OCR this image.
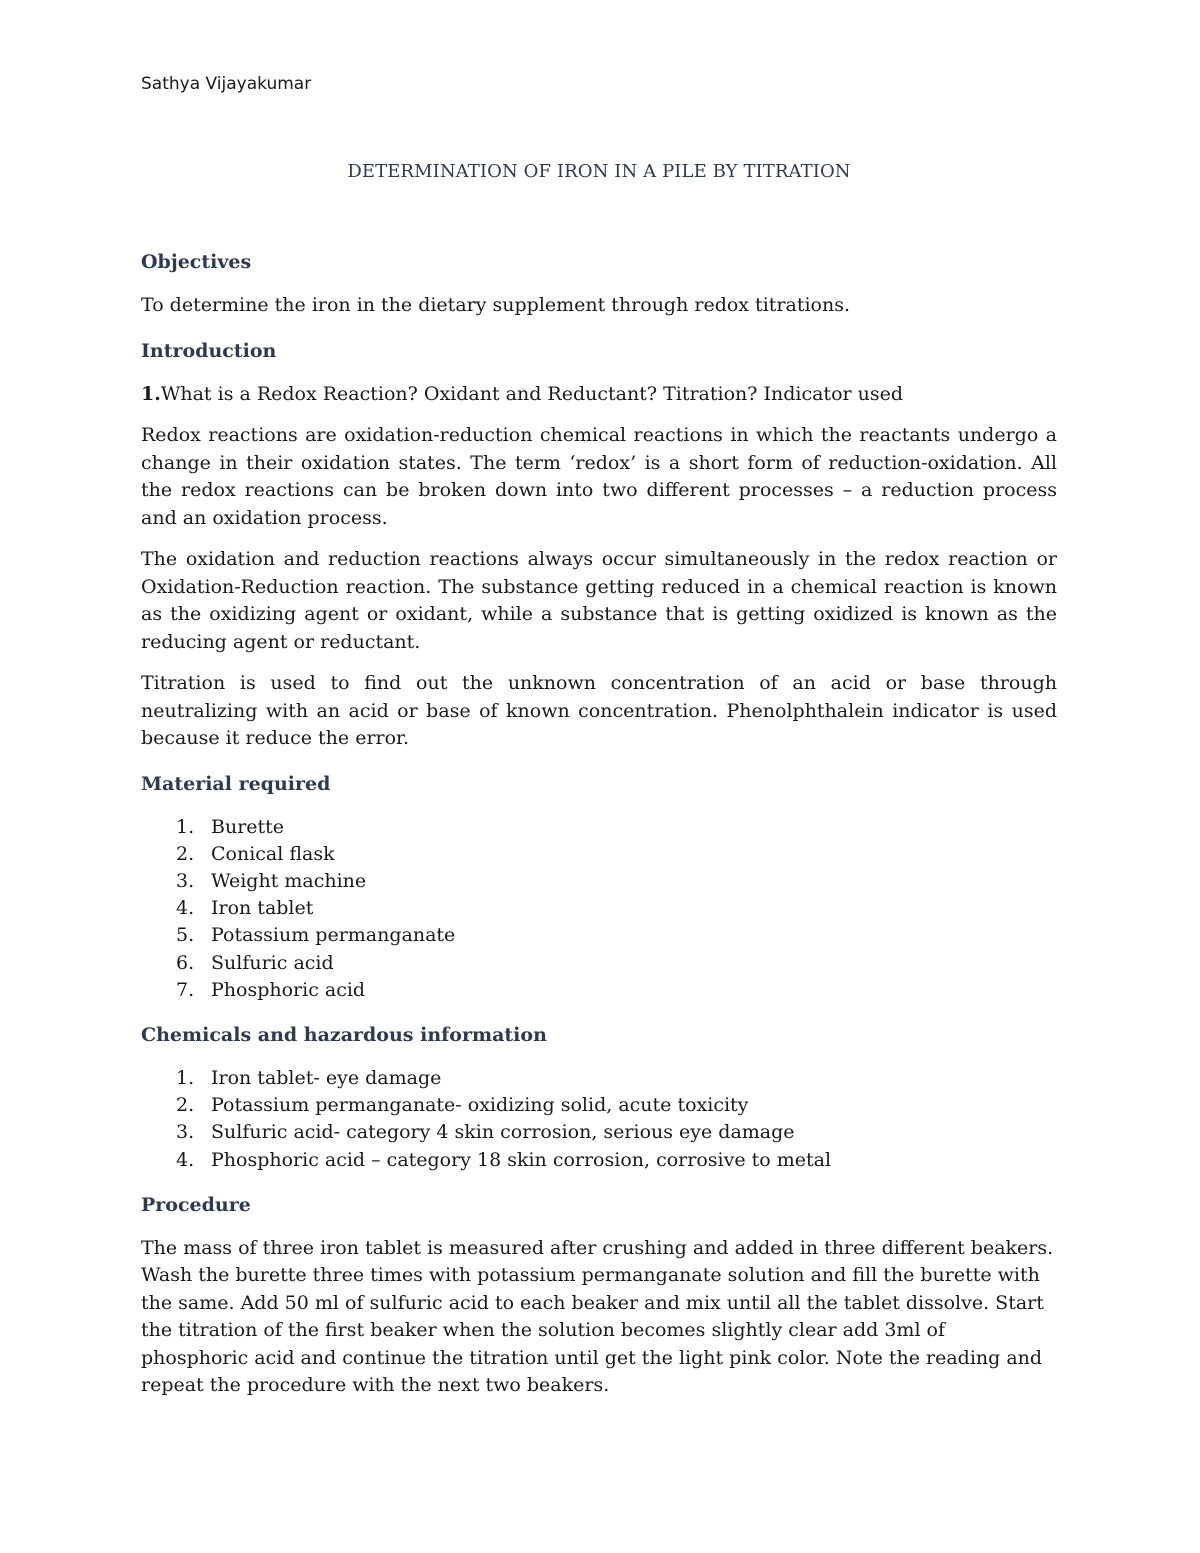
Sathya Vijayakumar
DETERMINATION OF IRON IN A PILE BY TITRATION
Objectives

To determine the iron in the dietary supplement through redox titrations.

Introduction

1.What is a Redox Reaction? Oxidant and Reductant? Titration? Indicator used

Redox reactions are oxidation-reduction chemical reactions in which the reactants undergo a change in their oxidation states. The term ‘redox’ is a short form of reduction-oxidation. All the redox reactions can be broken down into two different processes – a reduction process and an oxidation process.

The oxidation and reduction reactions always occur simultaneously in the redox reaction or Oxidation-Reduction reaction. The substance getting reduced in a chemical reaction is known as the oxidizing agent or oxidant, while a substance that is getting oxidized is known as the reducing agent or reductant.

Titration is used to find out the unknown concentration of an acid or base through neutralizing with an acid or base of known concentration. Phenolphthalein indicator is used because it reduce the error.

Material required
1. Burette
2. Conical flask
3. Weight machine
4. Iron tablet
5. Potassium permanganate
6. Sulfuric acid
7. Phosphoric acid
Chemicals and hazardous information
1. Iron tablet- eye damage
2. Potassium permanganate- oxidizing solid, acute toxicity
3. Sulfuric acid- category 4 skin corrosion, serious eye damage
4. Phosphoric acid – category 18 skin corrosion, corrosive to metal
Procedure

The mass of three iron tablet is measured after crushing and added in three different beakers. Wash the burette three times with potassium permanganate solution and fill the burette with the same. Add 50 ml of sulfuric acid to each beaker and mix until all the tablet dissolve. Start the titration of the first beaker when the solution becomes slightly clear add 3ml of phosphoric acid and continue the titration until get the light pink color. Note the reading and repeat the procedure with the next two beakers.
